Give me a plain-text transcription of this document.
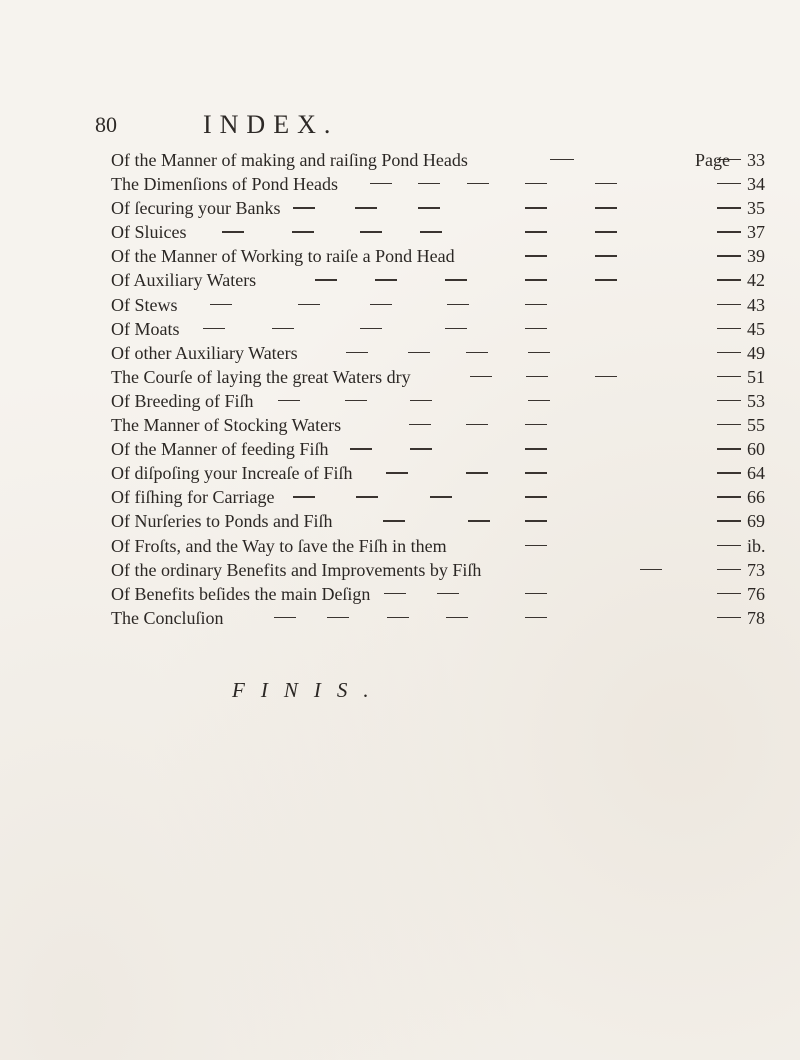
80	INDEX.
Of the Manner of making and raiſing Pond Heads	Page 33
The Dimenſions of Pond Heads	34
Of ſecuring your Banks	35
Of Sluices	37
Of the Manner of Working to raiſe a Pond Head	39
Of Auxiliary Waters	42
Of Stews	43
Of Moats	45
Of other Auxiliary Waters	49
The Courſe of laying the great Waters dry	51
Of Breeding of Fiſh	53
The Manner of Stocking Waters	55
Of the Manner of feeding Fiſh	60
Of diſpoſing your Increaſe of Fiſh	64
Of fiſhing for Carriage	66
Of Nurſeries to Ponds and Fiſh	69
Of Froſts, and the Way to ſave the Fiſh in them	ib.
Of the ordinary Benefits and Improvements by Fiſh	73
Of Benefits beſides the main Deſign	76
The Concluſion	78
FINIS.
